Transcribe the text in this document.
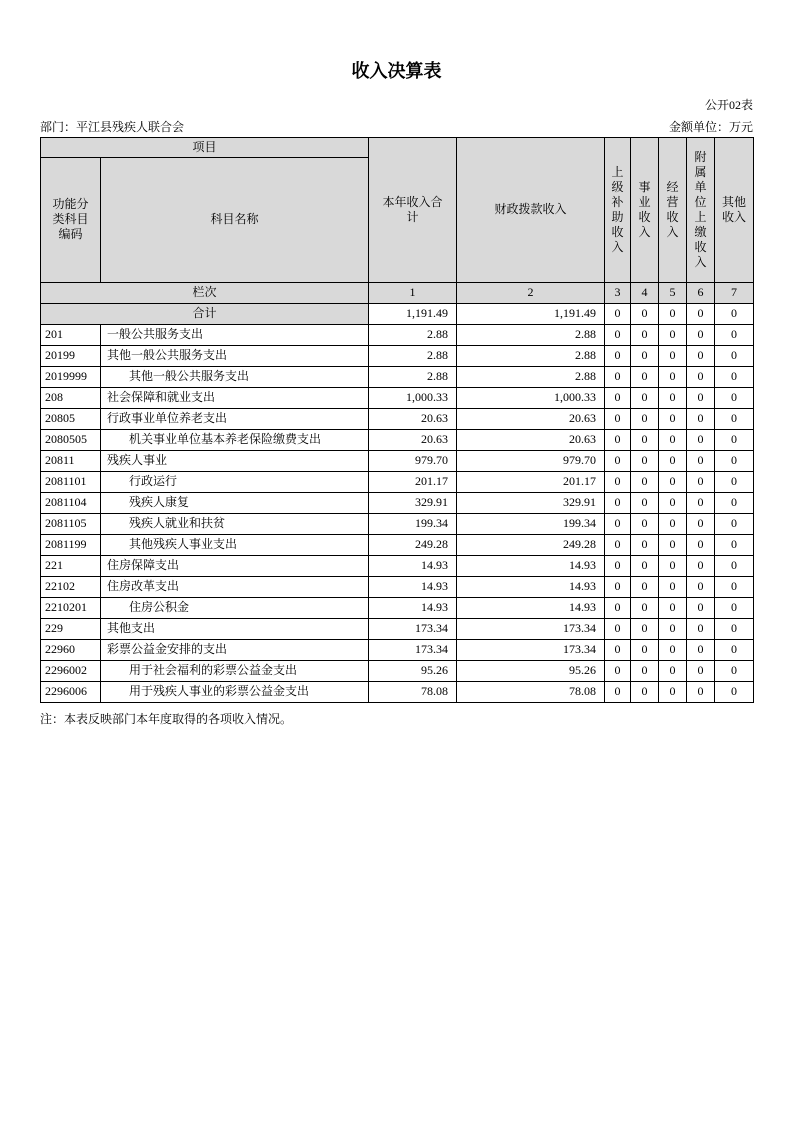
收入决算表
公开02表
部门：平江县残疾人联合会	金额单位：万元
项目		本年收入合计	财政拨款收入	上级补助收入	事业收入	经营收入	附属单位上缴收入	其他收入
功能分类科目编码	科目名称							
栏次		1	2	3	4	5	6	7
合计		1,191.49	1,191.49	0	0	0	0	0
201	一般公共服务支出	2.88	2.88	0	0	0	0	0
20199	其他一般公共服务支出	2.88	2.88	0	0	0	0	0
2019999	其他一般公共服务支出	2.88	2.88	0	0	0	0	0
208	社会保障和就业支出	1,000.33	1,000.33	0	0	0	0	0
20805	行政事业单位养老支出	20.63	20.63	0	0	0	0	0
2080505	机关事业单位基本养老保险缴费支出	20.63	20.63	0	0	0	0	0
20811	残疾人事业	979.70	979.70	0	0	0	0	0
2081101	行政运行	201.17	201.17	0	0	0	0	0
2081104	残疾人康复	329.91	329.91	0	0	0	0	0
2081105	残疾人就业和扶贫	199.34	199.34	0	0	0	0	0
2081199	其他残疾人事业支出	249.28	249.28	0	0	0	0	0
221	住房保障支出	14.93	14.93	0	0	0	0	0
22102	住房改革支出	14.93	14.93	0	0	0	0	0
2210201	住房公积金	14.93	14.93	0	0	0	0	0
229	其他支出	173.34	173.34	0	0	0	0	0
22960	彩票公益金安排的支出	173.34	173.34	0	0	0	0	0
2296002	用于社会福利的彩票公益金支出	95.26	95.26	0	0	0	0	0
2296006	用于残疾人事业的彩票公益金支出	78.08	78.08	0	0	0	0	0
注：本表反映部门本年度取得的各项收入情况。
